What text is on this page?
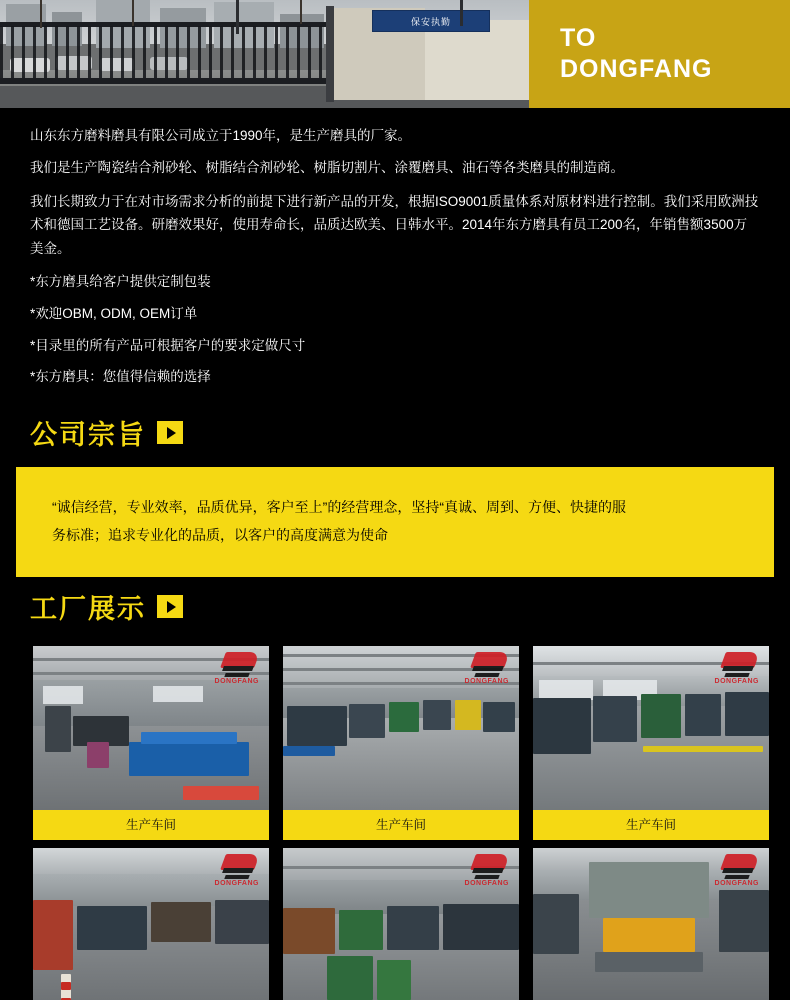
保安执勤
TO
DONGFANG

山东东方磨料磨具有限公司成立于1990年，是生产磨具的厂家。

我们是生产陶瓷结合剂砂轮、树脂结合剂砂轮、树脂切割片、涂覆磨具、油石等各类磨具的制造商。

我们长期致力于在对市场需求分析的前提下进行新产品的开发，根据ISO9001质量体系对原材料进行控制。我们采用欧洲技术和德国工艺设备。研磨效果好，使用寿命长，品质达欧美、日韩水平。2014年东方磨具有员工200名，年销售额3500万美金。

*东方磨具给客户提供定制包装

*欢迎OBM, ODM, OEM订单

*目录里的所有产品可根据客户的要求定做尺寸

*东方磨具：您值得信赖的选择

公司宗旨

“诚信经营，专业效率，品质优异，客户至上”的经营理念，坚持“真诚、周到、方便、快捷的服

务标准；追求专业化的品质，以客户的高度满意为使命

工厂展示
DONGFANG
生产车间
DONGFANG
生产车间
DONGFANG
生产车间
DONGFANG	DONGFANG	DONGFANG
